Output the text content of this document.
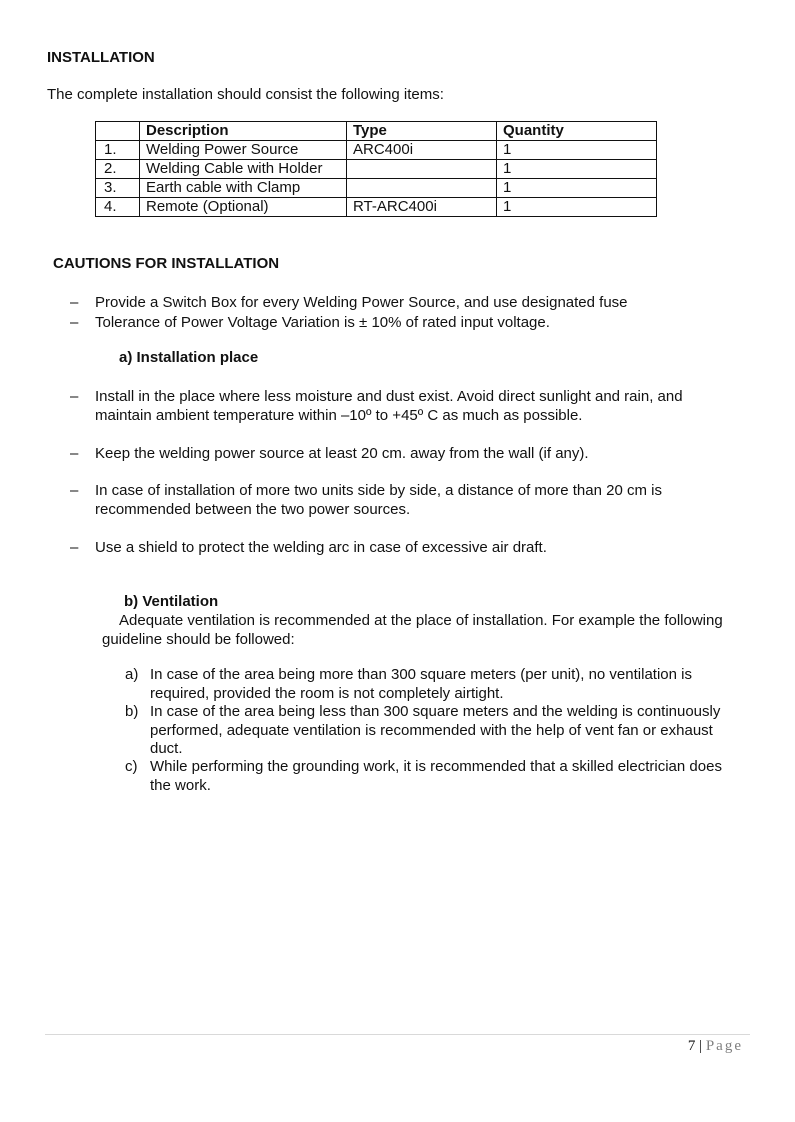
INSTALLATION
The complete installation should consist the following items:
	Description	Type	Quantity
1.	Welding Power Source	ARC400i	1
2.	Welding Cable with Holder		1
3.	Earth cable with Clamp		1
4.	Remote (Optional)	RT-ARC400i	1
CAUTIONS FOR INSTALLATION
– Provide a Switch Box for every Welding Power Source, and use designated fuse
– Tolerance of Power Voltage Variation is ± 10% of rated input voltage.
a) Installation place
– Install in the place where less moisture and dust exist. Avoid direct sunlight and rain, and maintain ambient temperature within –10º to +45º C as much as possible.
– Keep the welding power source at least 20 cm. away from the wall (if any).
– In case of installation of more two units side by side, a distance of more than 20 cm is recommended between the two power sources.
– Use a shield to protect the welding arc in case of excessive air draft.
b) Ventilation
Adequate ventilation is recommended at the place of installation. For example the following guideline should be followed:
a) In case of the area being more than 300 square meters (per unit), no ventilation is required, provided the room is not completely airtight.
b) In case of the area being less than 300 square meters and the welding is continuously performed, adequate ventilation is recommended with the help of vent fan or exhaust duct.
c) While performing the grounding work, it is recommended that a skilled electrician does the work.
7 | Page
